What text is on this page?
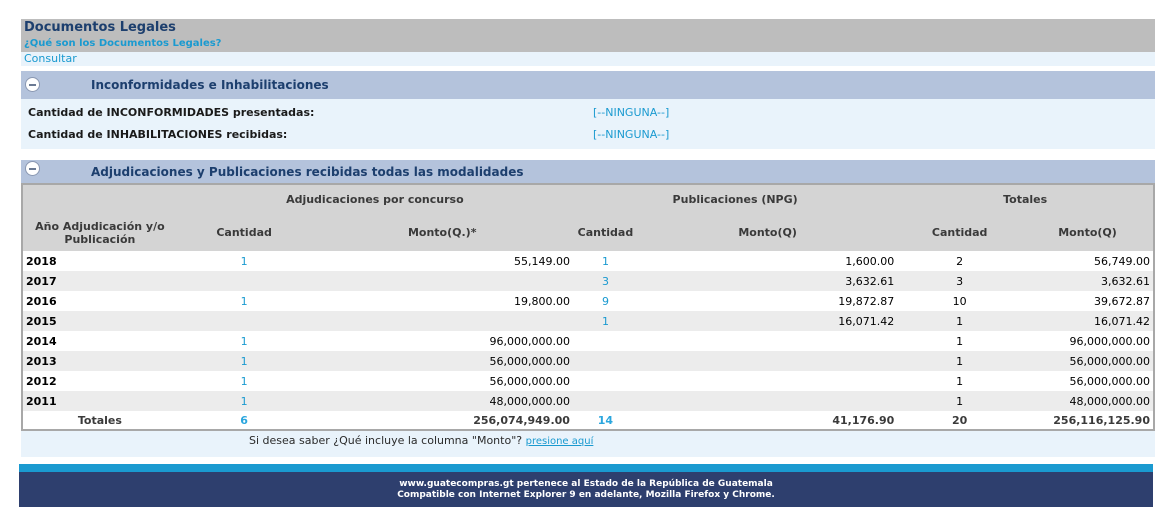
Documentos Legales
¿Qué son los Documentos Legales?
Consultar
Inconformidades e Inhabilitaciones
Cantidad de INCONFORMIDADES presentadas:	[--NINGUNA--]
Cantidad de INHABILITACIONES recibidas:	[--NINGUNA--]
Adjudicaciones y Publicaciones recibidas todas las modalidades
	Adjudicaciones por concurso		Publicaciones (NPG)		Totales	
Año Adjudicación y/o Publicación	Cantidad	Monto(Q.)*	Cantidad	Monto(Q)	Cantidad	Monto(Q)
2018	1	55,149.00	1	1,600.00	2	56,749.00
2017			3	3,632.61	3	3,632.61
2016	1	19,800.00	9	19,872.87	10	39,672.87
2015			1	16,071.42	1	16,071.42
2014	1	96,000,000.00			1	96,000,000.00
2013	1	56,000,000.00			1	56,000,000.00
2012	1	56,000,000.00			1	56,000,000.00
2011	1	48,000,000.00			1	48,000,000.00
Totales	6	256,074,949.00	14	41,176.90	20	256,116,125.90
Si desea saber ¿Qué incluye la columna "Monto"? presione aquí
www.guatecompras.gt pertenece al Estado de la República de Guatemala
Compatible con Internet Explorer 9 en adelante, Mozilla Firefox y Chrome.
